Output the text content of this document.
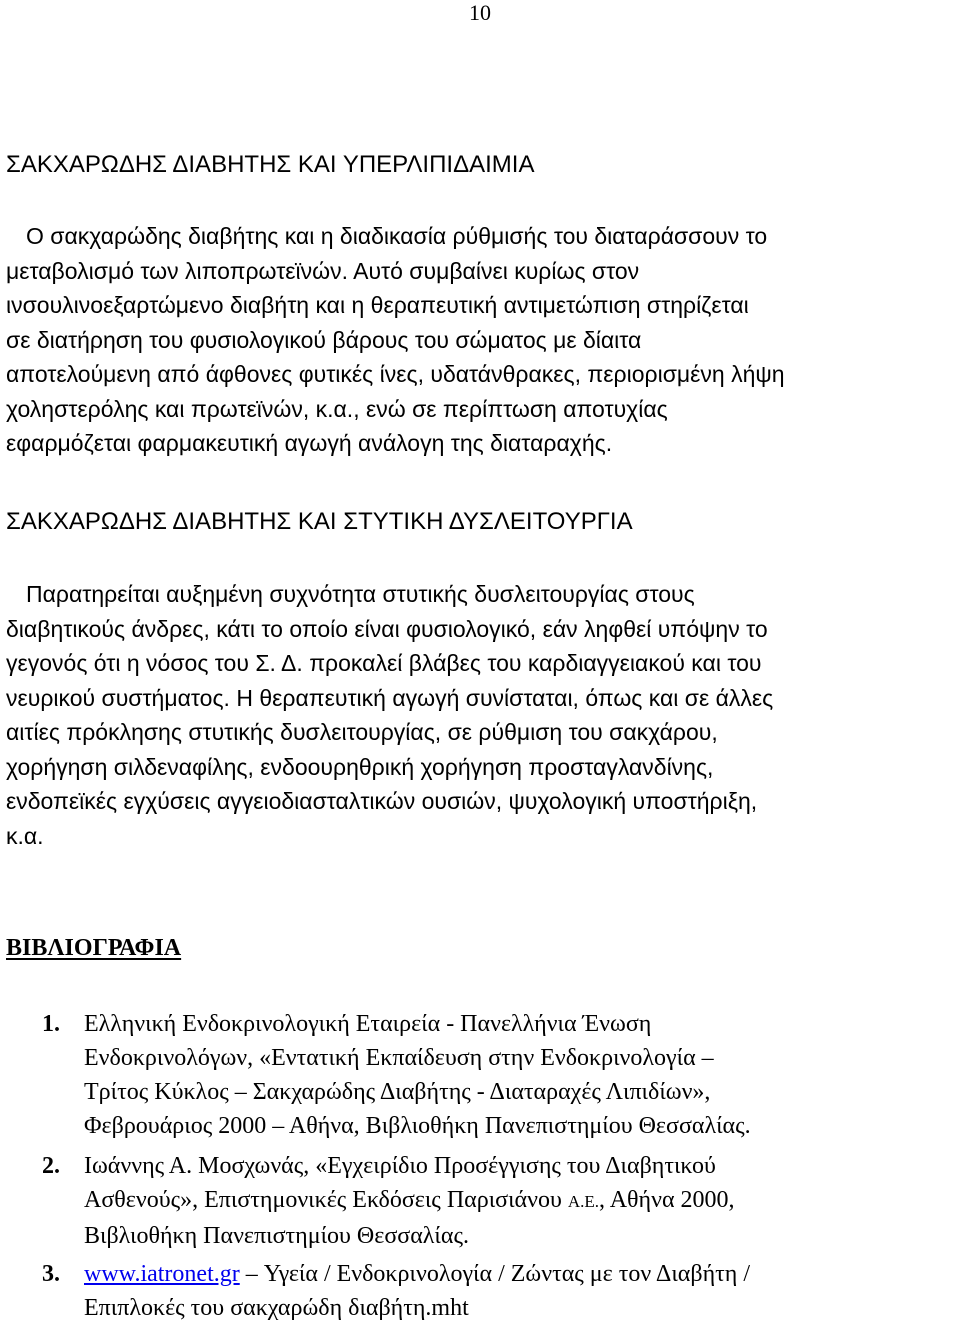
10
ΣΑΚΧΑΡΩΔΗΣ ΔΙΑΒΗΤΗΣ ΚΑΙ ΥΠΕΡΛΙΠΙΔΑΙΜΙΑ
Ο σακχαρώδης διαβήτης και η διαδικασία ρύθμισής του διαταράσσουν το
μεταβολισμό των λιποπρωτεϊνών. Αυτό συμβαίνει κυρίως στον
ινσουλινοεξαρτώμενο διαβήτη και η θεραπευτική αντιμετώπιση στηρίζεται
σε διατήρηση του φυσιολογικού βάρους του σώματος με δίαιτα
αποτελούμενη από άφθονες φυτικές ίνες, υδατάνθρακες, περιορισμένη λήψη
χοληστερόλης και πρωτεϊνών, κ.α., ενώ σε περίπτωση αποτυχίας
εφαρμόζεται φαρμακευτική αγωγή ανάλογη της διαταραχής.
ΣΑΚΧΑΡΩΔΗΣ ΔΙΑΒΗΤΗΣ ΚΑΙ ΣΤΥΤΙΚΗ ΔΥΣΛΕΙΤΟΥΡΓΙΑ
Παρατηρείται αυξημένη συχνότητα στυτικής δυσλειτουργίας στους
διαβητικούς άνδρες, κάτι το οποίο είναι φυσιολογικό, εάν ληφθεί υπόψην το
γεγονός ότι η νόσος του Σ. Δ. προκαλεί βλάβες του καρδιαγγειακού και του
νευρικού συστήματος. Η θεραπευτική αγωγή συνίσταται, όπως και σε άλλες
αιτίες πρόκλησης στυτικής δυσλειτουργίας, σε ρύθμιση του σακχάρου,
χορήγηση σιλδεναφίλης, ενδοουρηθρική χορήγηση προσταγλανδίνης,
ενδοπεϊκές εγχύσεις αγγειοδιασταλτικών ουσιών, ψυχολογική υποστήριξη,
κ.α.
ΒΙΒΛΙΟΓΡΑΦΙΑ
1. Ελληνική Ενδοκρινολογική Εταιρεία - Πανελλήνια Ένωση
Ενδοκρινολόγων, «Εντατική Εκπαίδευση στην Ενδοκρινολογία –
Τρίτος Κύκλος – Σακχαρώδης Διαβήτης - Διαταραχές Λιπιδίων»,
Φεβρουάριος 2000 – Αθήνα, Βιβλιοθήκη Πανεπιστημίου Θεσσαλίας.
2. Ιωάννης Α. Μοσχωνάς, «Εγχειρίδιο Προσέγγισης του Διαβητικού
Ασθενούς», Επιστημονικές Εκδόσεις Παρισιάνου Α.Ε., Αθήνα 2000,
Βιβλιοθήκη Πανεπιστημίου Θεσσαλίας.
3. www.iatronet.gr – Υγεία / Ενδοκρινολογία / Ζώντας με τον Διαβήτη /
Επιπλοκές του σακχαρώδη διαβήτη.mht
